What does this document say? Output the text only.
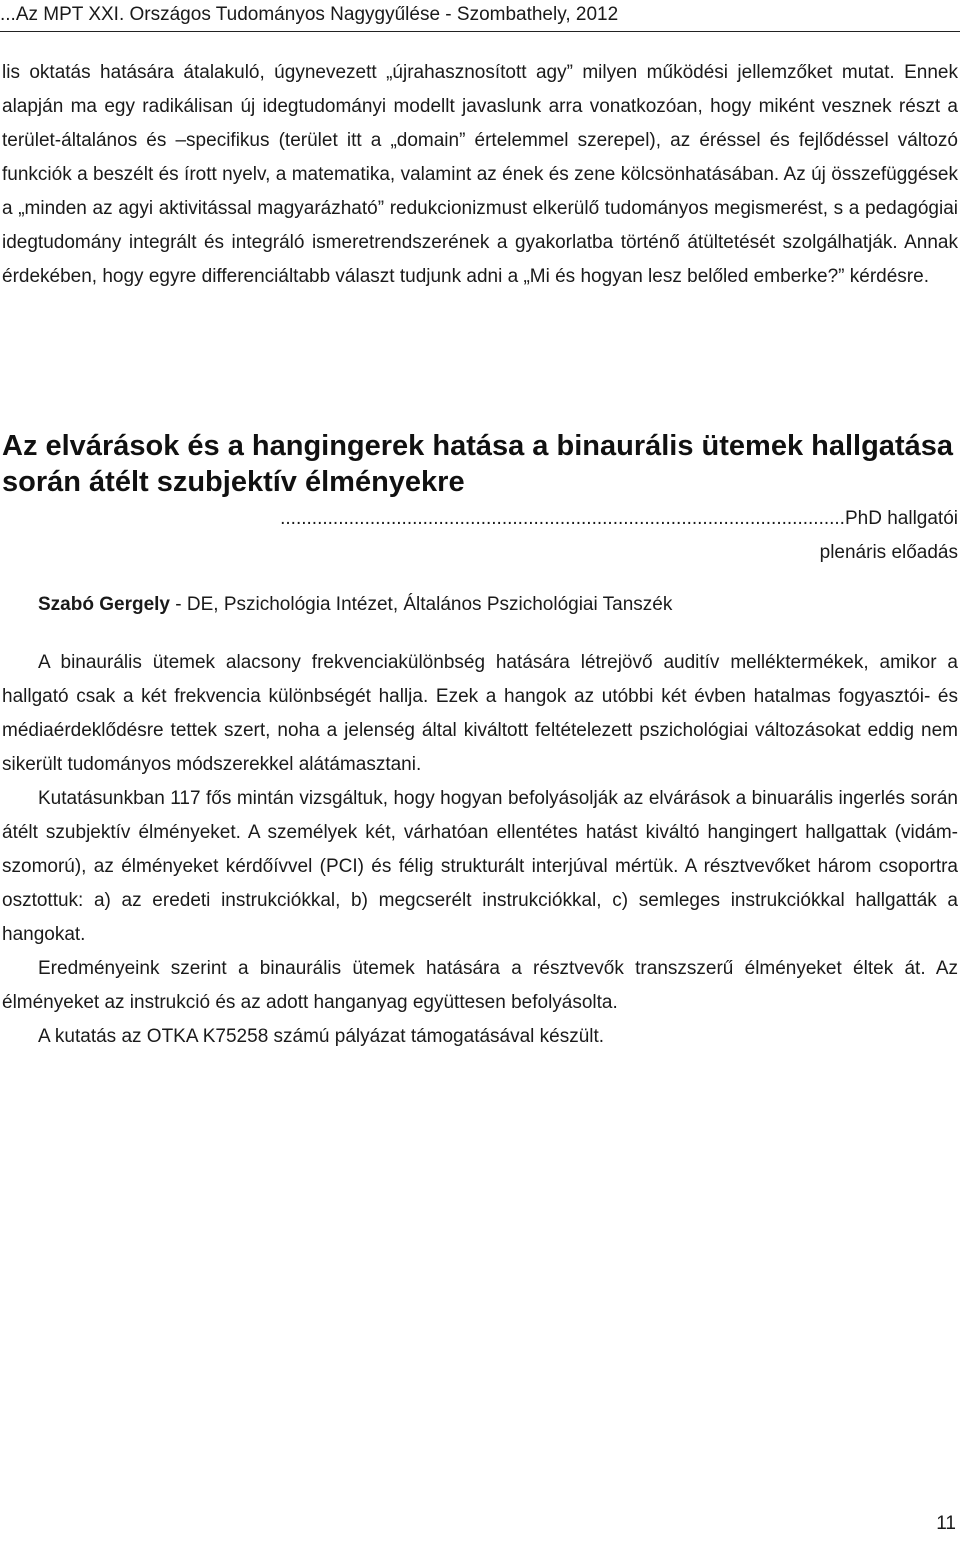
...Az MPT XXI. Országos Tudományos Nagygyűlése - Szombathely, 2012

lis oktatás hatására átalakuló, úgynevezett „újrahasznosított agy” milyen működési jellemzőket mutat. Ennek alapján ma egy radikálisan új idegtudományi modellt javaslunk arra vonatkozóan, hogy miként vesznek részt a terület-általános és –specifikus (terület itt a „domain” értelemmel szerepel), az éréssel és fejlődéssel változó funkciók a beszélt és írott nyelv, a matematika, valamint az ének és zene kölcsönhatásában. Az új összefüggések a „minden az agyi aktivitással magyarázható” redukcionizmust elkerülő tudományos megismerést, s a pedagógiai idegtudomány integrált és integráló ismeretrendszerének a gyakorlatba történő átültetését szolgálhatják. Annak érdekében, hogy egyre differenciáltabb választ tudjunk adni a „Mi és hogyan lesz belőled emberke?” kérdésre.

Az elvárások és a hangingerek hatása a binaurális ütemek hallgatása során átélt szubjektív élményekre
...........................................................................................................PhD hallgatói
plenáris előadás
Szabó Gergely - DE, Pszichológia Intézet, Általános Pszichológiai Tanszék

A binaurális ütemek alacsony frekvenciakülönbség hatására létrejövő auditív melléktermékek, amikor a hallgató csak a két frekvencia különbségét hallja. Ezek a hangok az utóbbi két évben hatalmas fogyasztói- és médiaérdeklődésre tettek szert, noha a jelenség által kiváltott feltételezett pszichológiai változásokat eddig nem sikerült tudományos módszerekkel alátámasztani.

Kutatásunkban 117 fős mintán vizsgáltuk, hogy hogyan befolyásolják az elvárások a binuarális ingerlés során átélt szubjektív élményeket. A személyek két, várhatóan ellentétes hatást kiváltó hangingert hallgattak (vidám-szomorú), az élményeket kérdőívvel (PCI) és félig strukturált interjúval mértük. A résztvevőket három csoportra osztottuk: a) az eredeti instrukciókkal, b) megcserélt instrukciókkal, c) semleges instrukciókkal hallgatták a hangokat.

Eredményeink szerint a binaurális ütemek hatására a résztvevők transzszerű élményeket éltek át. Az élményeket az instrukció és az adott hanganyag együttesen befolyásolta.

A kutatás az OTKA K75258 számú pályázat támogatásával készült.

11
